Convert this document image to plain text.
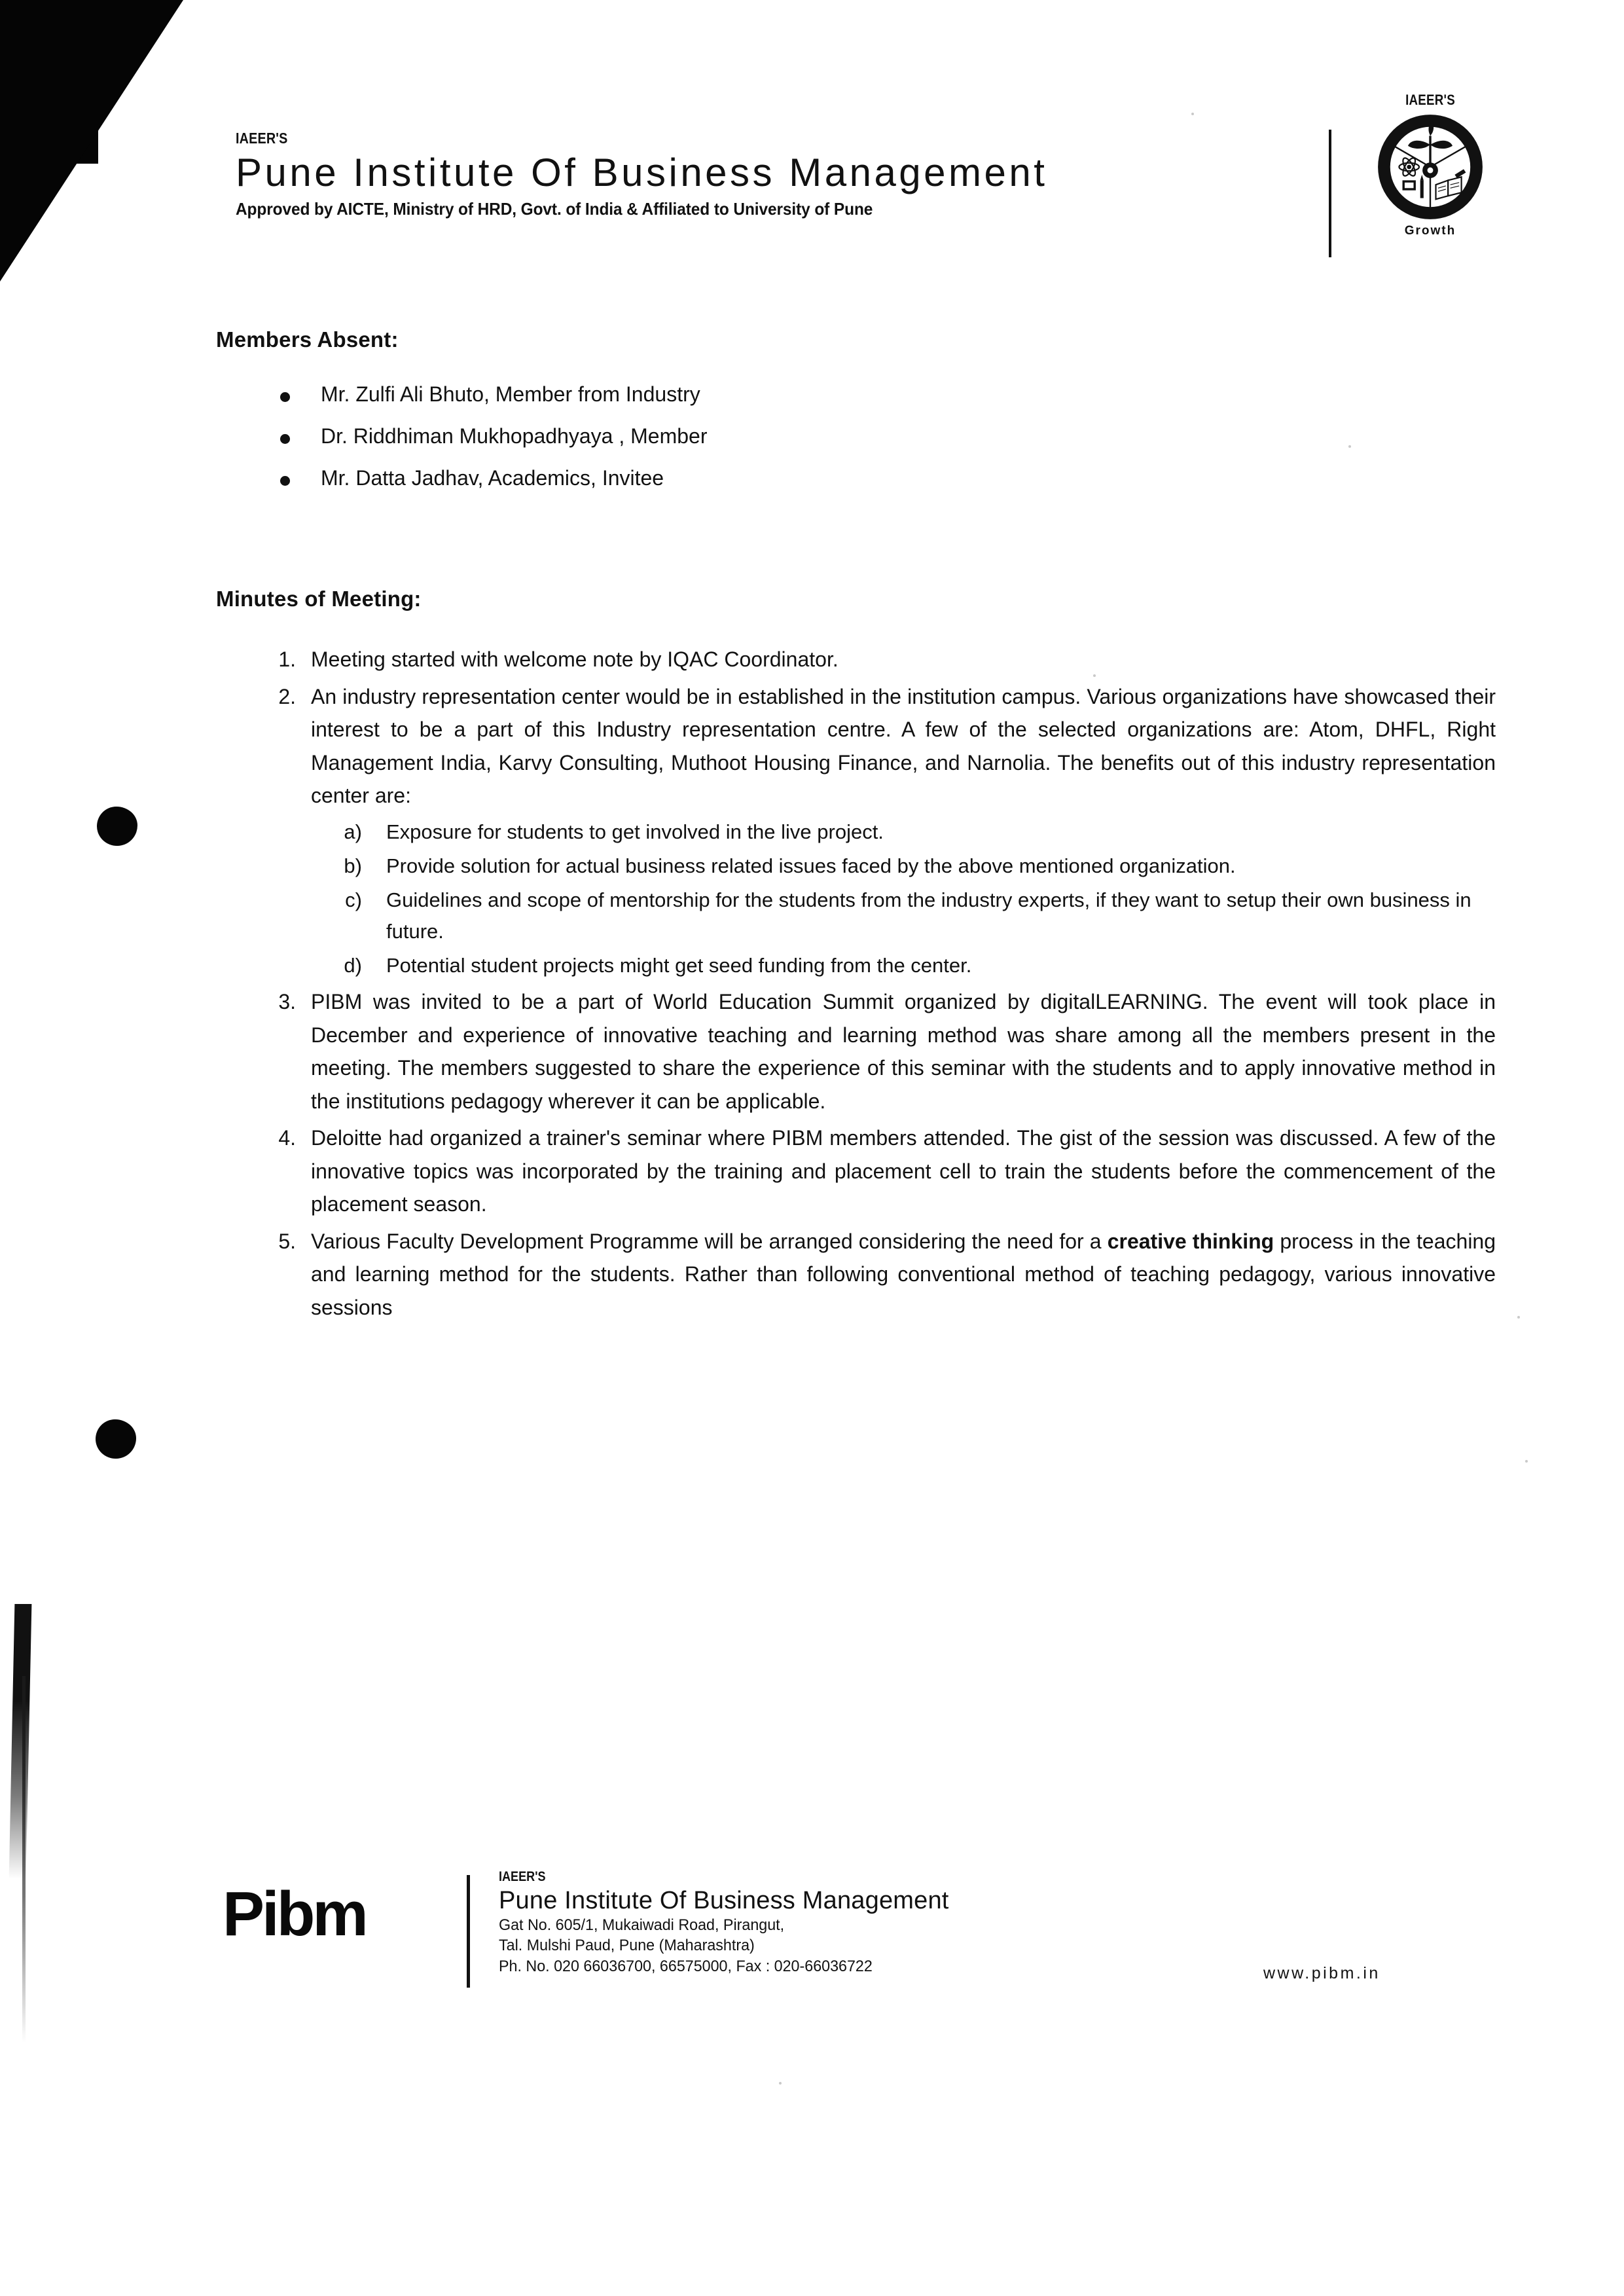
IAEER'S
Pune Institute Of Business Management
Approved by AICTE, Ministry of HRD, Govt. of India & Affiliated to University of Pune
IAEER'S
Growth
Members Absent:
Mr. Zulfi Ali Bhuto, Member from Industry
Dr. Riddhiman Mukhopadhyaya , Member
Mr. Datta Jadhav, Academics, Invitee
Minutes of Meeting:
1 . Meeting started with welcome note by IQAC Coordinator.

2 . An industry representation center would be in established in the institution campus. Various organizations have showcased their interest to be a part of this Industry representation centre. A few of the selected organizations are: Atom, DHFL, Right Management India, Karvy Consulting, Muthoot Housing Finance, and Narnolia. The benefits out of this industry representation center are:

a) Exposure for students to get involved in the live project.

b) Provide solution for actual business related issues faced by the above mentioned organization.

c) Guidelines and scope of mentorship for the students from the industry experts, if they want to setup their own business in future.

d) Potential student projects might get seed funding from the center.

3 . PIBM was invited to be a part of World Education Summit organized by digitalLEARNING. The event will took place in December and experience of innovative teaching and learning method was share among all the members present in the meeting. The members suggested to share the experience of this seminar with the students and to apply innovative method in the institutions pedagogy wherever it can be applicable.

4 . Deloitte had organized a trainer's seminar where PIBM members attended. The gist of the session was discussed. A few of the innovative topics was incorporated by the training and placement cell to train the students before the commencement of the placement season.

5 . Various Faculty Development Programme will be arranged considering the need for a creative thinking process in the teaching and learning method for the students. Rather than following conventional method of teaching pedagogy, various innovative sessions

Pibm
IAEER'S
Pune Institute Of Business Management
Gat No. 605/1, Mukaiwadi Road, Pirangut,
Tal. Mulshi Paud, Pune (Maharashtra)
Ph. No. 020 66036700, 66575000, Fax : 020-66036722	www.pibm.in
